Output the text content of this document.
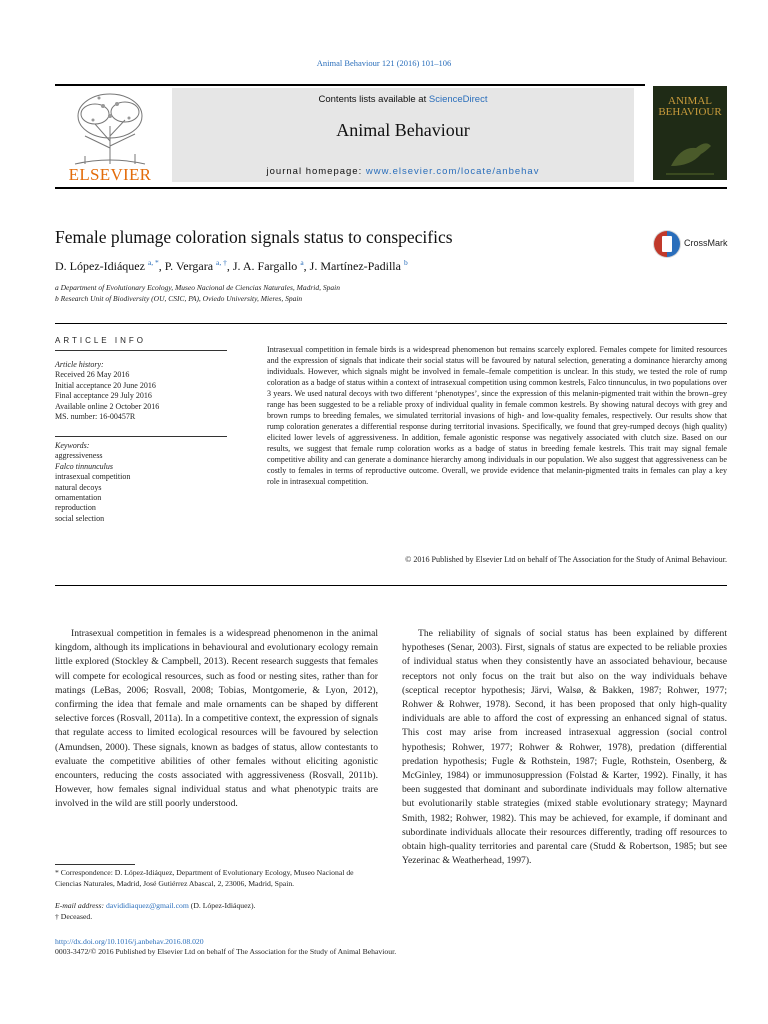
Animal Behaviour 121 (2016) 101–106
ELSEVIER
Contents lists available at ScienceDirect
Animal Behaviour
journal homepage: www.elsevier.com/locate/anbehav
ANIMAL BEHAVIOUR
Female plumage coloration signals status to conspecifics	CrossMark
D. López-Idiáquez $^{a, *}$, P. Vergara $^{a, \dagger}$, J. A. Fargallo $^a$, J. Martínez-Padilla $^b$
a Department of Evolutionary Ecology, Museo Nacional de Ciencias Naturales, Madrid, Spain
b Research Unit of Biodiversity (OU, CSIC, PA), Oviedo University, Mieres, Spain
ARTICLE INFO
Article history:
Received 26 May 2016
Initial acceptance 20 June 2016
Final acceptance 29 July 2016
Available online 2 October 2016
MS. number: 16-00457R
Keywords:
aggressiveness
Falco tinnunculus
intrasexual competition
natural decoys
ornamentation
reproduction
social selection
Intrasexual competition in female birds is a widespread phenomenon but remains scarcely explored. Females compete for limited resources and the expression of signals that indicate their social status will be favoured by natural selection, generating a dominance hierarchy among individuals. However, which signals might be involved in female–female competition is unclear. In this study, we tested the role of rump coloration as a badge of status within a context of intrasexual competition using common kestrels, Falco tinnunculus, in two populations over 3 years. We used natural decoys with two different ‘phenotypes’, since the expression of this melanin-pigmented trait within the brown–grey range has been suggested to be a reliable proxy of individual quality in female common kestrels. By showing natural decoys with grey and brown rumps to breeding females, we simulated territorial invasions of high- and low-quality females, respectively. Our results show that rump coloration generates a differential response during territorial invasions. Specifically, we found that grey-rumped decoys (high quality) elicited lower levels of aggressiveness. In addition, female agonistic response was negatively associated with clutch size. Based on our results, we suggest that female rump coloration works as a badge of status in breeding female kestrels. This trait may signal female competitive ability and can generate a dominance hierarchy among individuals in our population. We also suggest that aggressiveness can be costly to females in terms of reproductive outcome. Overall, we provide evidence that melanin-pigmented traits in females can play a key role in intrasexual competition.
© 2016 Published by Elsevier Ltd on behalf of The Association for the Study of Animal Behaviour.
Intrasexual competition in females is a widespread phenomenon in the animal kingdom, although its implications in behavioural and evolutionary ecology remain little explored (Stockley & Campbell, 2013). Recent research suggests that females will compete for ecological resources, such as food or nesting sites, rather than for matings (LeBas, 2006; Rosvall, 2008; Tobias, Montgomerie, & Lyon, 2012), confirming the idea that female and male ornaments can be shaped by different selective forces (Rosvall, 2011a). In a competitive context, the expression of signals that regulate access to limited ecological resources will be favoured by selection (Amundsen, 2000). These signals, known as badges of status, allow contestants to evaluate the competitive abilities of other females without eliciting agonistic encounters, reducing the costs associated with aggressiveness (Rosvall, 2011b). However, how females signal individual status and what phenotypic traits are involved in the wild are still poorly understood.
The reliability of signals of social status has been explained by different hypotheses (Senar, 2003). First, signals of status are expected to be reliable proxies of individual status when they consistently have an associated behaviour, because receptors not only focus on the trait but also on the way individuals behave (sceptical receptor hypothesis; Järvi, Walsø, & Bakken, 1987; Rohwer, 1977; Rohwer & Rohwer, 1978). Second, it has been proposed that only high-quality individuals are able to afford the cost of expressing an enhanced signal of status. This cost may arise from increased intrasexual aggression (social control hypothesis; Rohwer, 1977; Rohwer & Rohwer, 1978), predation (differential predation hypothesis; Fugle & Rothstein, 1987; Fugle, Rothstein, Osenberg, & McGinley, 1984) or immunosuppression (Folstad & Karter, 1992). Finally, it has been suggested that dominant and subordinate individuals may follow alternative but evolutionarily stable strategies (mixed stable evolutionary strategy; Maynard Smith, 1982; Rohwer, 1982). This may be achieved, for example, if dominant and subordinate individuals allocate their resources differently, trading off resources to obtain high-quality territories and parental care (Studd & Robertson, 1985; but see Yezerinac & Weatherhead, 1997).
* Correspondence: D. López-Idiáquez, Department of Evolutionary Ecology, Museo Nacional de Ciencias Naturales, Madrid, José Gutiérrez Abascal, 2, 23006, Madrid, Spain.
E-mail address: davididiaquez@gmail.com (D. López-Idiáquez).
† Deceased.
http://dx.doi.org/10.1016/j.anbehav.2016.08.020
0003-3472/© 2016 Published by Elsevier Ltd on behalf of The Association for the Study of Animal Behaviour.
